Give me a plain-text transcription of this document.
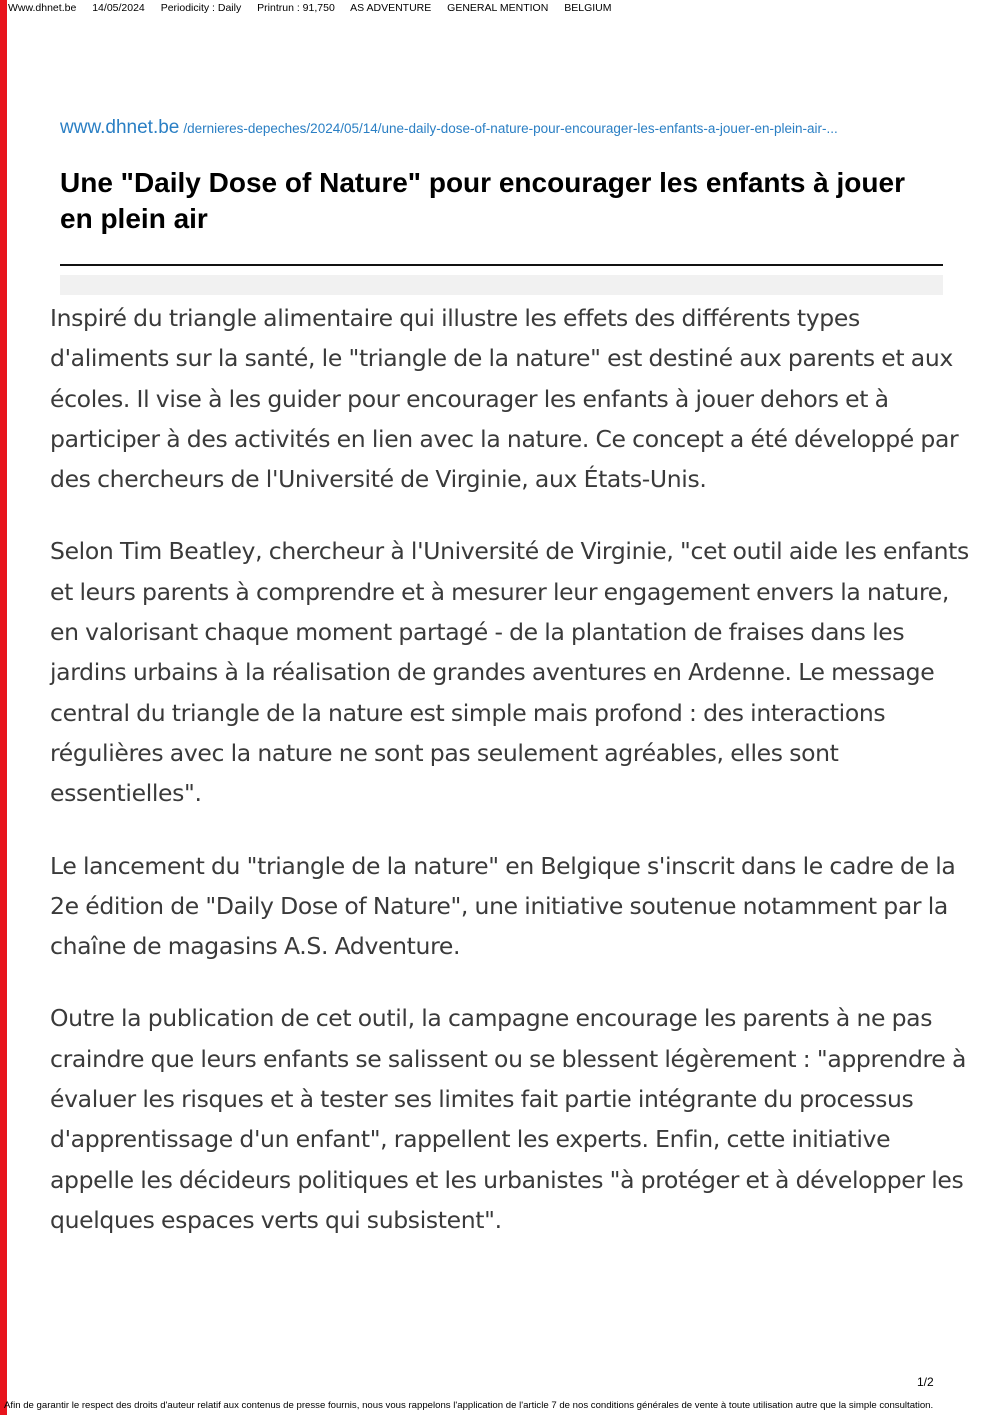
Www.dhnet.be 14/05/2024 Periodicity : Daily Printrun : 91,750 AS ADVENTURE GENERAL MENTION BELGIUM
www.dhnet.be /dernieres-depeches/2024/05/14/une-daily-dose-of-nature-pour-encourager-les-enfants-a-jouer-en-plein-air-...
Une "Daily Dose of Nature" pour encourager les enfants à jouer en plein air

Inspiré du triangle alimentaire qui illustre les effets des différents types d'aliments sur la santé, le "triangle de la nature" est destiné aux parents et aux écoles. Il vise à les guider pour encourager les enfants à jouer dehors et à participer à des activités en lien avec la nature. Ce concept a été développé par des chercheurs de l'Université de Virginie, aux États-Unis.

Selon Tim Beatley, chercheur à l'Université de Virginie, "cet outil aide les enfants et leurs parents à comprendre et à mesurer leur engagement envers la nature, en valorisant chaque moment partagé - de la plantation de fraises dans les jardins urbains à la réalisation de grandes aventures en Ardenne. Le message central du triangle de la nature est simple mais profond : des interactions régulières avec la nature ne sont pas seulement agréables, elles sont essentielles".

Le lancement du "triangle de la nature" en Belgique s'inscrit dans le cadre de la 2e édition de "Daily Dose of Nature", une initiative soutenue notamment par la chaîne de magasins A.S. Adventure.

Outre la publication de cet outil, la campagne encourage les parents à ne pas craindre que leurs enfants se salissent ou se blessent légèrement : "apprendre à évaluer les risques et à tester ses limites fait partie intégrante du processus d'apprentissage d'un enfant", rappellent les experts. Enfin, cette initiative appelle les décideurs politiques et les urbanistes "à protéger et à développer les quelques espaces verts qui subsistent".

1/2
Afin de garantir le respect des droits d'auteur relatif aux contenus de presse fournis, nous vous rappelons l'application de l'article 7 de nos conditions générales de vente à toute utilisation autre que la simple consultation.
